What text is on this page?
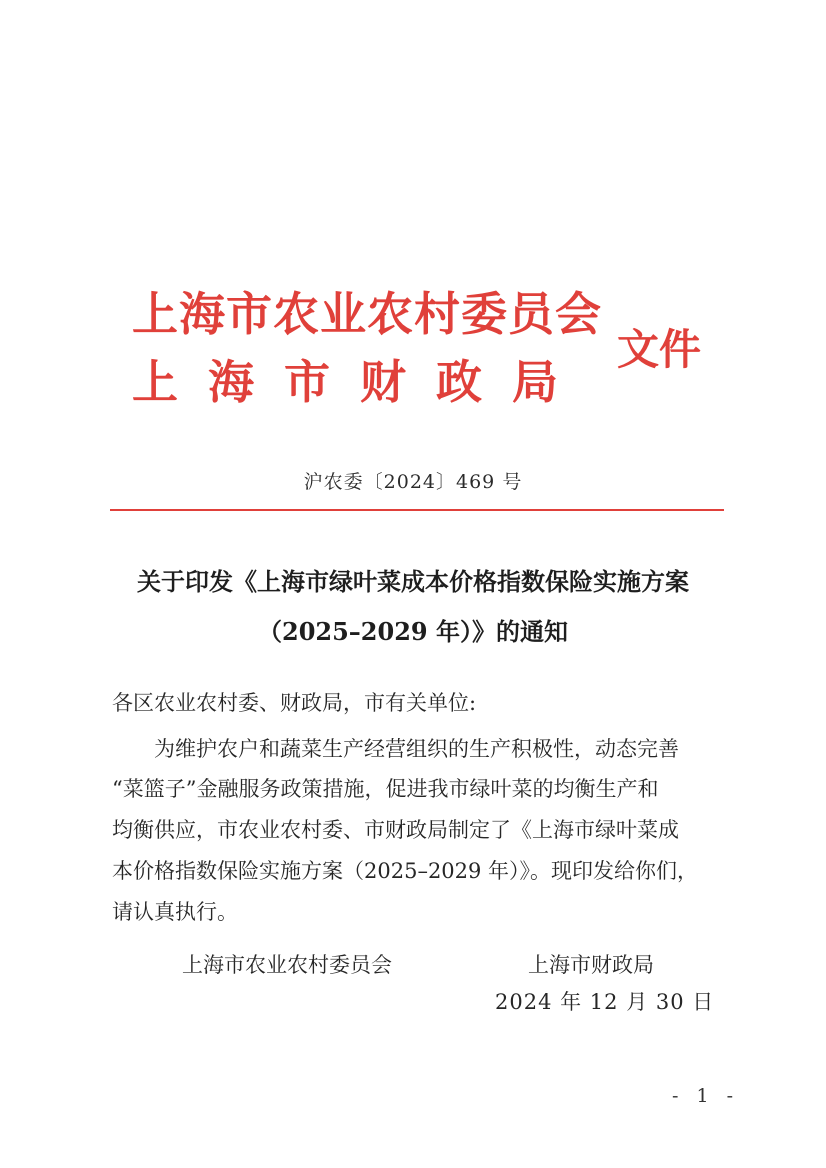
上海市农业农村委员会
上海市财政局
文件
沪农委〔2024〕469 号
关于印发《上海市绿叶菜成本价格指数保险实施方案
（2025–2029 年）》的通知
各区农业农村委、财政局，市有关单位:
为维护农户和蔬菜生产经营组织的生产积极性，动态完善
“菜篮子”金融服务政策措施，促进我市绿叶菜的均衡生产和
均衡供应，市农业农村委、市财政局制定了《上海市绿叶菜成
本价格指数保险实施方案（2025–2029 年）》。现印发给你们，
请认真执行。
上海市农业农村委员会	上海市财政局
2024 年 12 月 30 日
- 1 -
